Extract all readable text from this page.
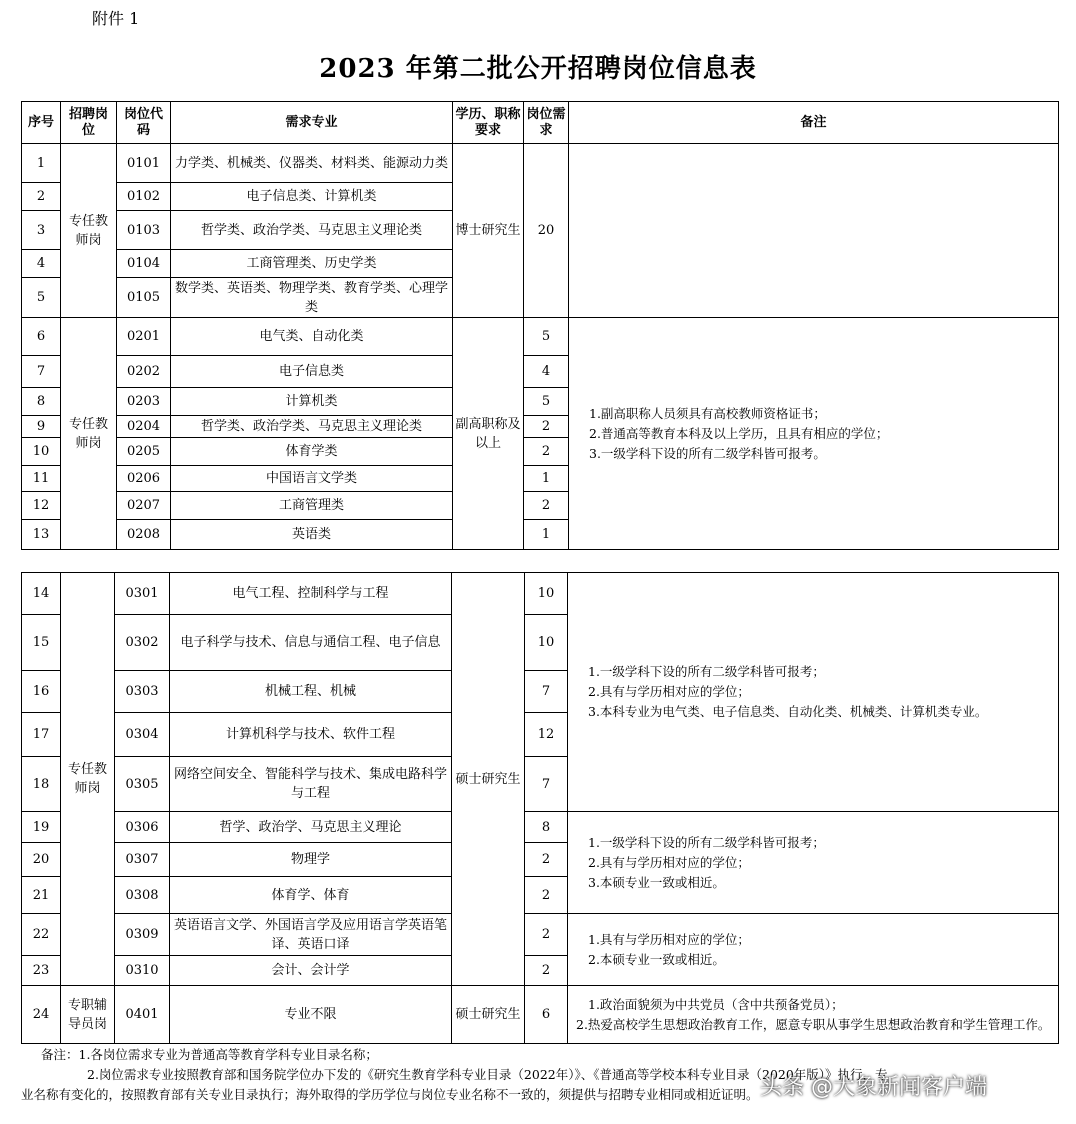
附件 1
2023 年第二批公开招聘岗位信息表
序号	招聘岗位	岗位代码	需求专业	学历、职称要求	岗位需求	备注
1	专任教师岗	0101	力学类、机械类、仪器类、材料类、能源动力类	博士研究生	20	
2		0102	电子信息类、计算机类			
3		0103	哲学类、政治学类、马克思主义理论类			
4		0104	工商管理类、历史学类			
5		0105	数学类、英语类、物理学类、教育学类、心理学类			
6	专任教师岗	0201	电气类、自动化类	副高职称及以上	5	1.副高职称人员须具有高校教师资格证书；
2.普通高等教育本科及以上学历，且具有相应的学位；
3.一级学科下设的所有二级学科皆可报考。

7		0202	电子信息类		4	
8		0203	计算机类		5	
9		0204	哲学类、政治学类、马克思主义理论类		2	
10		0205	体育学类		2	
11		0206	中国语言文学类		1	
12		0207	工商管理类		2	
13		0208	英语类		1	
14	专任教师岗	0301	电气工程、控制科学与工程	硕士研究生	10	1.一级学科下设的所有二级学科皆可报考；
2.具有与学历相对应的学位；
3.本科专业为电气类、电子信息类、自动化类、机械类、计算机类专业。

15		0302	电子科学与技术、信息与通信工程、电子信息		10	
16		0303	机械工程、机械		7	
17		0304	计算机科学与技术、软件工程		12	
18		0305	网络空间安全、智能科学与技术、集成电路科学与工程		7	
19		0306	哲学、政治学、马克思主义理论		8	1.一级学科下设的所有二级学科皆可报考；
2.具有与学历相对应的学位；
3.本硕专业一致或相近。

20		0307	物理学		2	
21		0308	体育学、体育		2	
22		0309	英语语言文学、外国语言学及应用语言学英语笔译、英语口译		2	1.具有与学历相对应的学位；
2.本硕专业一致或相近。

23		0310	会计、会计学		2	
24	专职辅导员岗	0401	专业不限	硕士研究生	6	1.政治面貌须为中共党员（含中共预备党员）；
2.热爱高校学生思想政治教育工作，愿意专职从事学生思想政治教育和学生管理工作。
备注：1.各岗位需求专业为普通高等教育学科专业目录名称；
2.岗位需求专业按照教育部和国务院学位办下发的《研究生教育学科专业目录（2022年）》、《普通高等学校本科专业目录（2020年版）》执行，专
业名称有变化的，按照教育部有关专业目录执行；海外取得的学历学位与岗位专业名称不一致的，须提供与招聘专业相同或相近证明。 头条 @大象新闻客户端
